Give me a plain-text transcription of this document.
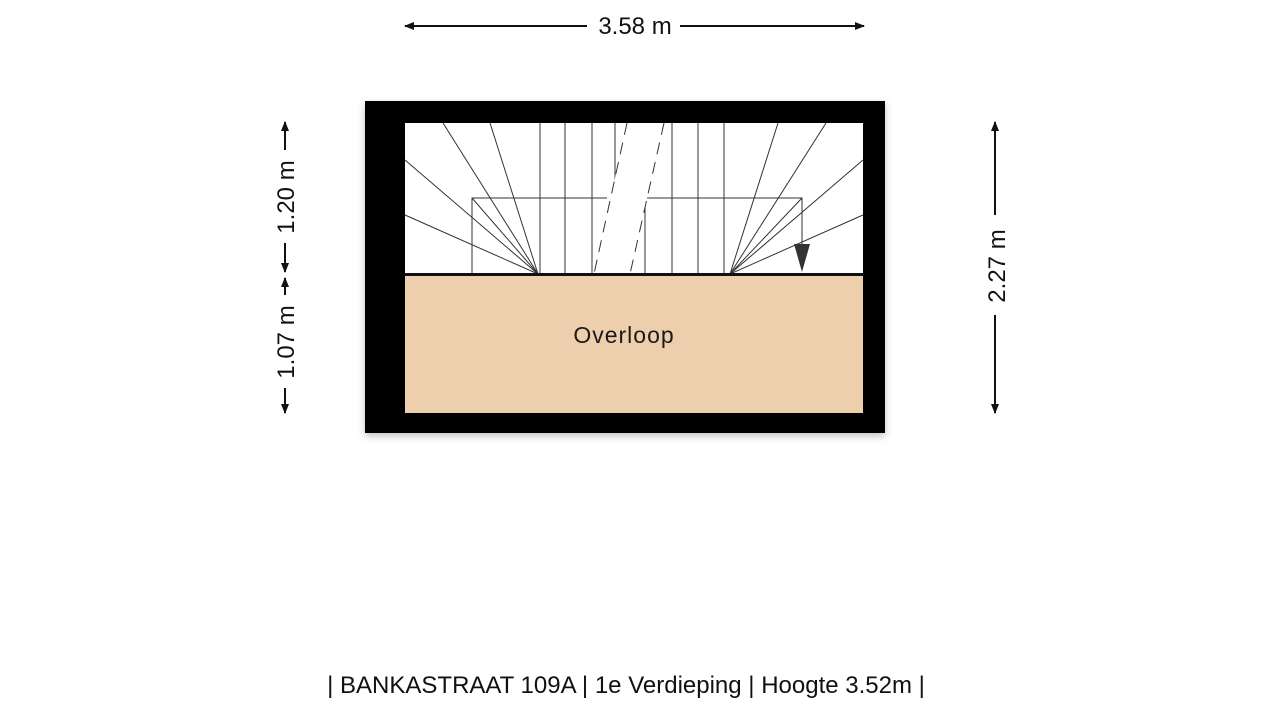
3.58 m
1.20 m
1.07 m
2.27 m
Overloop
| BANKASTRAAT 109A | 1e Verdieping | Hoogte 3.52m |
